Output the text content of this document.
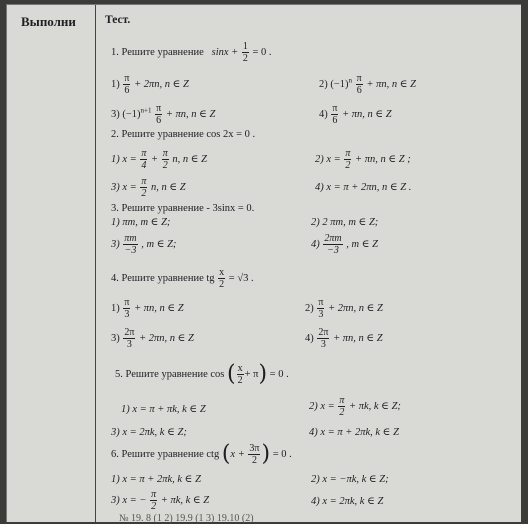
Выполни	Тест.
1. Решите уравнение $\sin x + \frac{1}{2} = 0$ .
$1) \frac{\pi}{6} + 2\pi n$, n ∈ Z	2) $(-1)^n \frac{\pi}{6} + \pi n$, n ∈ Z
3) $(-1)^{n+1} \frac{\pi}{6} + \pi n$, n ∈ Z	$4) \frac{\pi}{6} + \pi n$, n ∈ Z
2. Решите уравнение cos 2x = 0 .
1) $x = \frac{\pi}{4} + \frac{\pi}{2} n$, n ∈ Z	2) $x = \frac{\pi}{2} + \pi n$, n ∈ Z ;
3) $x = \frac{\pi}{2} n$, n ∈ Z	4) x = π + 2πn, n ∈ Z .
3. Решите уравнение - 3sinx = 0.
1) πm, m ∈ Z;	2) 2 πm, m ∈ Z;
$3) \frac{\pi m}{-3}$ , m ∈ Z;	$4) \frac{2\pi m}{-3}$ , m ∈ Z
4. Решите уравнение tg $\frac{x}{2} = √3$ .
$1) \frac{\pi}{3} + \pi n$, n ∈ Z	$2) \frac{\pi}{3} + 2\pi n$, n ∈ Z
$3) \frac{2\pi}{3} + 2\pi n$, n ∈ Z	$4) \frac{2\pi}{3} + \pi n$, n ∈ Z
5. Решите уравнение cos ( $\frac{x}{2} + \pi) = 0$ .
1) x = π + πk, k ∈ Z	2) $x = \frac{\pi}{2} + \pi k$, k ∈ Z;
3) x = 2πk, k ∈ Z;	4) x = π + 2πk, k ∈ Z
6. Решите уравнение ctg ($x + \frac{3\pi}{2}$ ) = 0 .
1) x = π + 2πk, k ∈ Z	2) x = −πk, k ∈ Z;
3) x = − $\frac{\pi}{2} + \pi k$, k ∈ Z	4) x = 2πk, k ∈ Z
№ 19. 8 (1 2) 19.9 (1 3) 19.10 (2)
